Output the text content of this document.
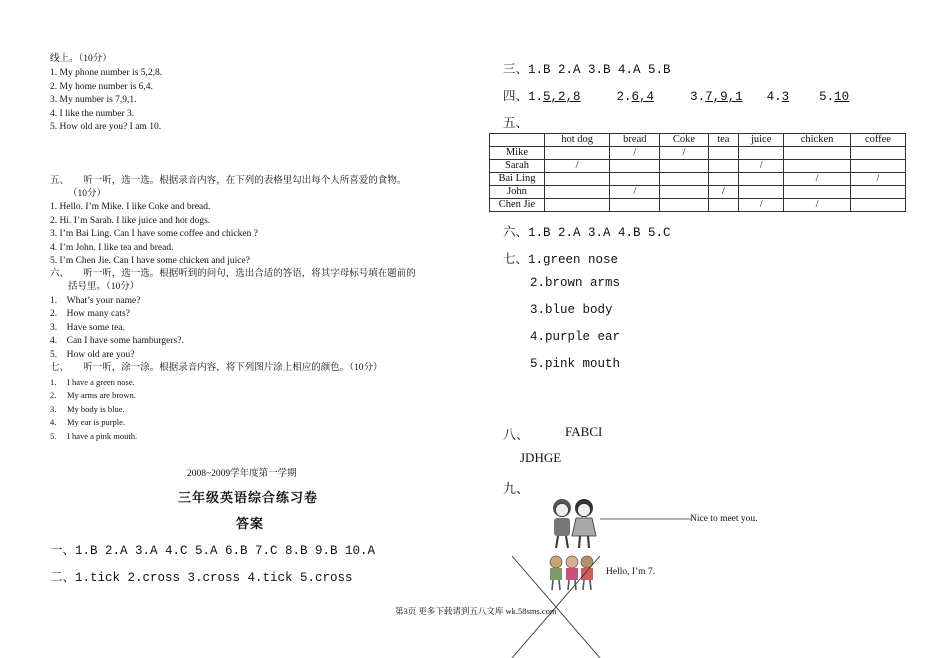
线上。（10分）
1. My phone number is 5,2,8.
2. My home number is 6,4.
3. My number is 7,9,1.
4. I like the number 3.
5. How old are you? I am 10.
五、　　听一听，选一选。根据录音内容，在下列的表格里勾出每个人所喜爱的食物。
（10分）
1. Hello. I’m Mike. I like Coke and bread.
2. Hi. I’m Sarah. I like juice and hot dogs.
3. I’m Bai Ling. Can I have some coffee and chicken ?
4. I’m John. I like tea and bread.
5. I’m Chen Jie. Can I have some chicken and juice?
六、　　听一听，选一选。根据听到的问句，选出合适的答语，将其字母标号填在题前的
括号里。（10分）
1.　What’s your name?
2.　How many cats?
3.　Have some tea.
4.　Can I have some hamburgers?.
5.　How old are you?
七、　　听一听，涂一涂。根据录音内容，将下列图片涂上相应的颜色。（10分）
1.　 I have a green nose.
2.　 My arms are brown.
3.　 My body is blue.
4.　 My ear is purple.
5.　 I have a pink mouth.
2008~2009学年度第一学期
三年级英语综合练习卷
答案
一、1.B 2.A 3.A 4.C 5.A 6.B 7.C 8.B 9.B 10.A
二、1.tick 2.cross 3.cross 4.tick 5.cross
三、1.B 2.A 3.B 4.A 5.B
四、1.5,2,8	2.6,4	3.7,9,1 4.3 5.10
五、
	hot dog	bread	Coke	tea	juice	chicken	coffee
Mike		/	/				
Sarah	/				/		
Bai Ling						/	/
John		/		/			
Chen Jie					/	/	
六、1.B 2.A 3.A 4.B 5.C
七、1.green nose
2.brown arms
3.blue body
4.purple ear
5.pink mouth
八、	FABCI
JDHGE
九、
Nice to meet you.
Hello, I’m 7.
第3页 更多下载请到五八文库 wk.58sms.com
